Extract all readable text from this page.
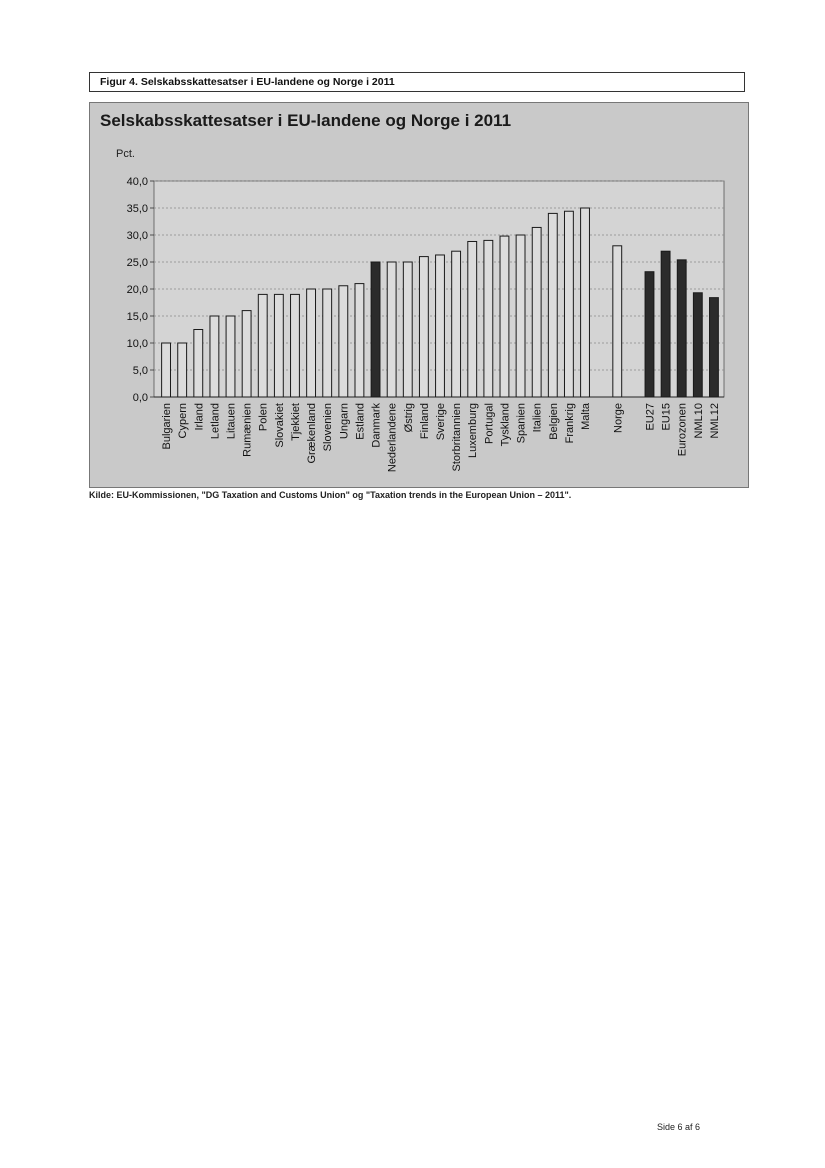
Figur 4. Selskabsskattesatser i EU-landene og Norge i 2011
Selskabsskattesatser i EU-landene og Norge i 2011
Pct.
0,0
5,0
10,0
15,0
20,0
25,0
30,0
35,0
40,0
Bulgarien Cypern Irland Letland Litauen Rumænien Polen Slovakiet Tjekkiet Grækenland Slovenien Ungarn Estland Danmark Nederlandene Østrig Finland Sverige Storbritannien Luxemburg Portugal Tyskland Spanien Italien Belgien Frankrig Malta Norge EU27 EU15 Eurozonen NML10 NML12
Kilde: EU-Kommissionen, "DG Taxation and Customs Union" og "Taxation trends in the European Union – 2011".
Side 6 af 6
